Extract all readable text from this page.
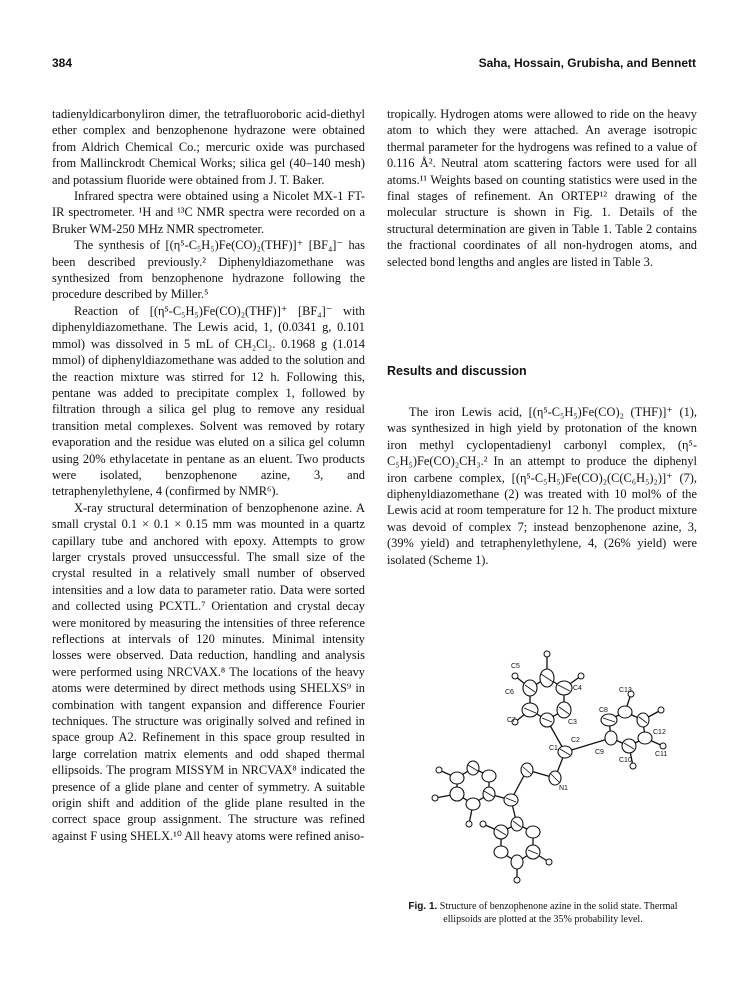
384	Saha, Hossain, Grubisha, and Bennett

tadienyldicarbonyliron dimer, the tetrafluoroboric acid-diethyl ether complex and benzophenone hydrazone were obtained from Aldrich Chemical Co.; mercuric oxide was purchased from Mallinckrodt Chemical Works; silica gel (40–140 mesh) and potassium fluoride were obtained from J. T. Baker.

Infrared spectra were obtained using a Nicolet MX-1 FT-IR spectrometer. ¹H and ¹³C NMR spectra were recorded on a Bruker WM-250 MHz NMR spectrometer.

The synthesis of [(η⁵-C₅H₅)Fe(CO)₂(THF)]⁺ [BF₄]⁻ has been described previously.² Diphenyldiazomethane was synthesized from benzophenone hydrazone following the procedure described by Miller.⁵

Reaction of [(η⁵-C₅H₅)Fe(CO)₂(THF)]⁺ [BF₄]⁻ with diphenyldiazomethane. The Lewis acid, 1, (0.0341 g, 0.101 mmol) was dissolved in 5 mL of CH₂Cl₂. 0.1968 g (1.014 mmol) of diphenyldiazomethane was added to the solution and the reaction mixture was stirred for 12 h. Following this, pentane was added to precipitate complex 1, followed by filtration through a silica gel plug to remove any residual transition metal complexes. Solvent was removed by rotary evaporation and the residue was eluted on a silica gel column using 20% ethylacetate in pentane as an eluent. Two products were isolated, benzophenone azine, 3, and tetraphenylethylene, 4 (confirmed by NMR⁶).

X-ray structural determination of benzophenone azine. A small crystal 0.1 × 0.1 × 0.15 mm was mounted in a quartz capillary tube and anchored with epoxy. Attempts to grow larger crystals proved unsuccessful. The small size of the crystal resulted in a relatively small number of observed intensities and a low data to parameter ratio. Data were sorted and collected using PCXTL.⁷ Orientation and crystal decay were monitored by measuring the intensities of three reference reflections at intervals of 120 minutes. Minimal intensity losses were observed. Data reduction, handling and analysis were performed using NRCVAX.⁸ The locations of the heavy atoms were determined by direct methods using SHELXS⁹ in combination with tangent expansion and difference Fourier techniques. The structure was originally solved and refined in space group A2. Refinement in this space group resulted in large correlation matrix elements and odd shaped thermal ellipsoids. The program MISSYM in NRCVAX⁸ indicated the presence of a glide plane and center of symmetry. A suitable origin shift and addition of the glide plane resulted in the correct space group assignment. The structure was refined against F using SHELX.¹⁰ All heavy atoms were refined aniso-

tropically. Hydrogen atoms were allowed to ride on the heavy atom to which they were attached. An average isotropic thermal parameter for the hydrogens was refined to a value of 0.116 Å². Neutral atom scattering factors were used for all atoms.¹¹ Weights based on counting statistics were used in the final stages of refinement. An ORTEP¹² drawing of the molecular structure is shown in Fig. 1. Details of the structural determination are given in Table 1. Table 2 contains the fractional coordinates of all non-hydrogen atoms, and selected bond lengths and angles are listed in Table 3.

Results and discussion

The iron Lewis acid, [(η⁵-C₅H₅)Fe(CO)₂ (THF)]⁺ (1), was synthesized in high yield by protonation of the known iron methyl cyclopentadienyl carbonyl complex, (η⁵-C₅H₅)Fe(CO)₂CH₃.² In an attempt to produce the diphenyl iron carbene complex, [(η⁵-C₅H₅)Fe(CO)₂(C(C₆H₅)₂)]⁺ (7), diphenyldiazomethane (2) was treated with 10 mol% of the Lewis acid at room temperature for 12 h. The product mixture was devoid of complex 7; instead benzophenone azine, 3, (39% yield) and tetraphenylethylene, 4, (26% yield) were isolated (Scheme 1).

C5
C4
C6
C3
C7
C2
C13
C8
C12
C1
C9	C11
C10
N1
Fig. 1. Structure of benzophenone azine in the solid state. Thermal ellipsoids are plotted at the 35% probability level.
